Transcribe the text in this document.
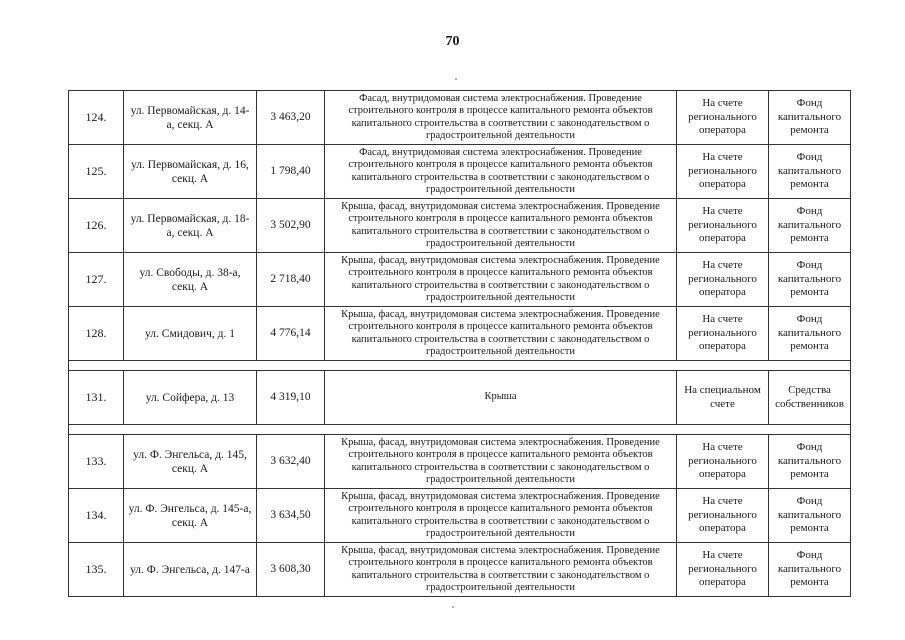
70
124.	ул. Первомайская, д. 14-а, секц. А	3 463,20	Фасад, внутридомовая система электроснабжения. Проведение строительного контроля в процессе капитального ремонта объектов капитального строительства в соответствии с законодательством о градостроительной деятельности	На счете регионального оператора	Фонд капитального ремонта
125.	ул. Первомайская, д. 16, секц. А	1 798,40	Фасад, внутридомовая система электроснабжения. Проведение строительного контроля в процессе капитального ремонта объектов капитального строительства в соответствии с законодательством о градостроительной деятельности	На счете регионального оператора	Фонд капитального ремонта
126.	ул. Первомайская, д. 18-а, секц. А	3 502,90	Крыша, фасад, внутридомовая система электроснабжения. Проведение строительного контроля в процессе капитального ремонта объектов капитального строительства в соответствии с законодательством о градостроительной деятельности	На счете регионального оператора	Фонд капитального ремонта
127.	ул. Свободы, д. 38-а, секц. А	2 718,40	Крыша, фасад, внутридомовая система электроснабжения. Проведение строительного контроля в процессе капитального ремонта объектов капитального строительства в соответствии с законодательством о градостроительной деятельности	На счете регионального оператора	Фонд капитального ремонта
128.	ул. Смидович, д. 1	4 776,14	Крыша, фасад, внутридомовая система электроснабжения. Проведение строительного контроля в процессе капитального ремонта объектов капитального строительства в соответствии с законодательством о градостроительной деятельности	На счете регионального оператора	Фонд капитального ремонта

131.	ул. Сойфера, д. 13	4 319,10	Крыша	На специальном счете	Средства собственников

133.	ул. Ф. Энгельса, д. 145, секц. А	3 632,40	Крыша, фасад, внутридомовая система электроснабжения. Проведение строительного контроля в процессе капитального ремонта объектов капитального строительства в соответствии с законодательством о градостроительной деятельности	На счете регионального оператора	Фонд капитального ремонта
134.	ул. Ф. Энгельса, д. 145-а, секц. А	3 634,50	Крыша, фасад, внутридомовая система электроснабжения. Проведение строительного контроля в процессе капитального ремонта объектов капитального строительства в соответствии с законодательством о градостроительной деятельности	На счете регионального оператора	Фонд капитального ремонта
135.	ул. Ф. Энгельса, д. 147-а	3 608,30	Крыша, фасад, внутридомовая система электроснабжения. Проведение строительного контроля в процессе капитального ремонта объектов капитального строительства в соответствии с законодательством о градостроительной деятельности	На счете регионального оператора	Фонд капитального ремонта
